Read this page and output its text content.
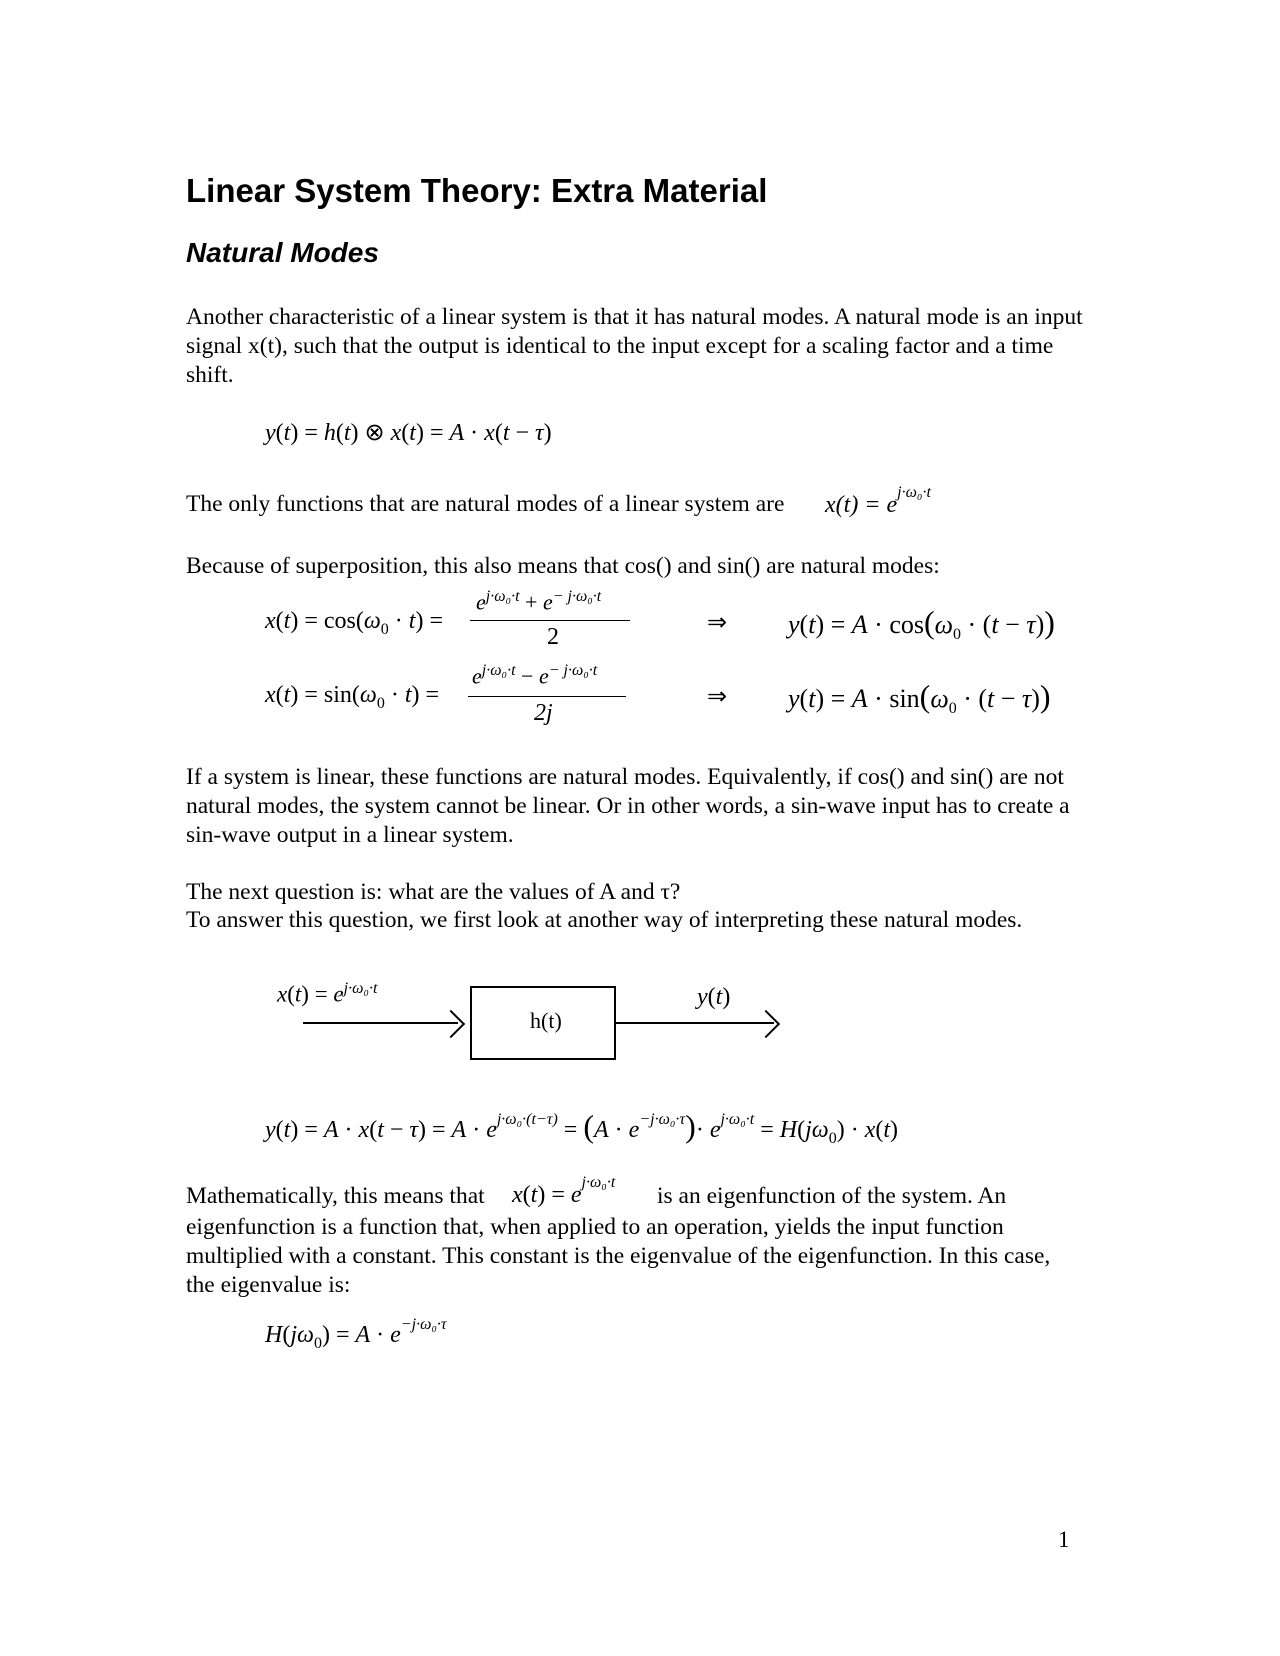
Linear System Theory: Extra Material
Natural Modes
Another characteristic of a linear system is that it has natural modes. A natural mode is an input signal x(t), such that the output is identical to the input except for a scaling factor and a time shift.
y(t) = h(t) ⊗ x(t) = A · x(t − τ)
The only functions that are natural modes of a linear system are $x(t) = e^{j\cdot\omega_0\cdot t}$
Because of superposition, this also means that cos() and sin() are natural modes:
$x(t) = \cos(\omega_0 \cdot t)$ =
$e^{j\cdot\omega_0\cdot t} + e^{- j\cdot\omega_0\cdot t}$
2
⇒ $y(t) = A \cdot \cos(\omega_0 \cdot (t - \tau))$
$x(t) = \sin(\omega_0 \cdot t)$ =
$e^{j\cdot\omega_0\cdot t} - e^{- j\cdot\omega_0\cdot t}$
2j
⇒ $y(t) = A \cdot \sin(\omega_0 \cdot (t - \tau))$
If a system is linear, these functions are natural modes. Equivalently, if cos() and sin() are not natural modes, the system cannot be linear. Or in other words, a sin-wave input has to create a sin-wave output in a linear system.
The next question is: what are the values of A and τ?
To answer this question, we first look at another way of interpreting these natural modes.
$x(t) = e^{j\cdot\omega_0\cdot t}$
h(t)
y(t)
$y(t) = A \cdot x(t - \tau) = A \cdot e^{j\cdot\omega_0\cdot(t-\tau)} = (A \cdot e^{-j\cdot\omega_0\cdot\tau})\cdot e^{j\cdot\omega_0\cdot t} = H(j\omega_0) \cdot x(t)$
Mathematically, this means that $x(t) = e^{j\cdot\omega_0\cdot t}$
is an eigenfunction of the system. An
eigenfunction is a function that, when applied to an operation, yields the input function multiplied with a constant. This constant is the eigenvalue of the eigenfunction. In this case, the eigenvalue is:
$H(j\omega_0) = A \cdot e^{-j\cdot\omega_0\cdot\tau}$
1
